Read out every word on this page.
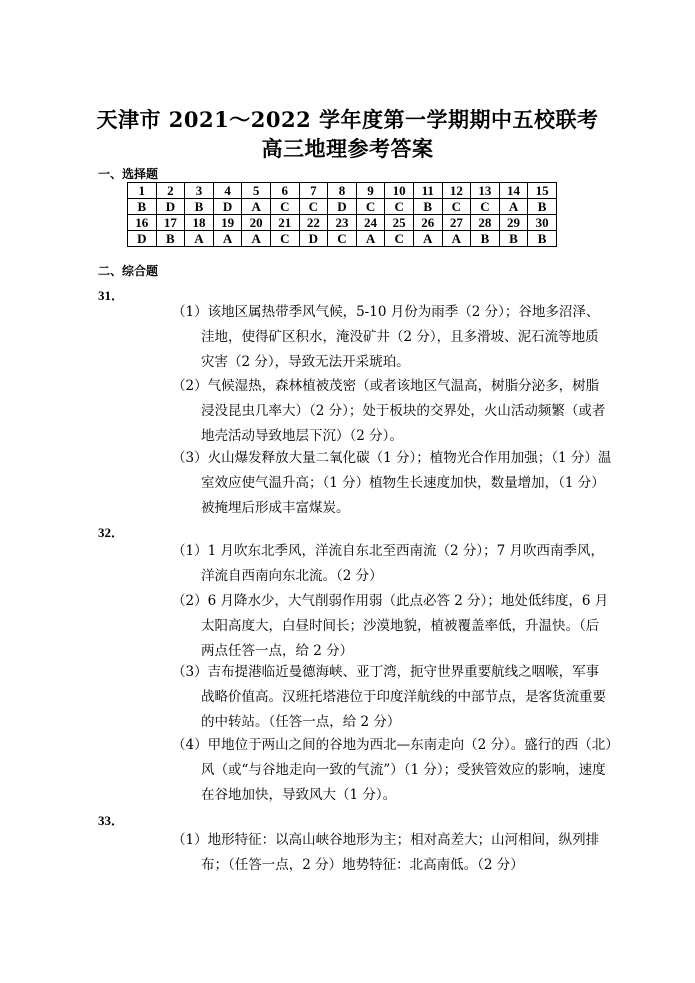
天津市 2021～2022 学年度第一学期期中五校联考
高三地理参考答案
一、选择题
1	2	3	4	5	6	7	8	9	10	11	12	13	14	15
B	D	B	D	A	C	C	D	C	C	B	C	C	A	B
16	17	18	19	20	21	22	23	24	25	26	27	28	29	30
D	B	A	A	A	C	D	C	A	C	A	A	B	B	B
二、综合题
31．
（1）该地区属热带季风气候，5-10 月份为雨季（2 分）；谷地多沼泽、洼地，使得矿区积水，淹没矿井（2 分），且多滑坡、泥石流等地质灾害（2 分），导致无法开采琥珀。
（2）气候湿热，森林植被茂密（或者该地区气温高，树脂分泌多，树脂浸没昆虫几率大）（2 分）；处于板块的交界处，火山活动频繁（或者地壳活动导致地层下沉）（2 分）。
（3）火山爆发释放大量二氧化碳（1 分）；植物光合作用加强；（1 分）温室效应使气温升高；（1 分）植物生长速度加快，数量增加，（1 分）被掩埋后形成丰富煤炭。
32．
（1）1 月吹东北季风，洋流自东北至西南流（2 分）；7 月吹西南季风，洋流自西南向东北流。（2 分）
（2）6 月降水少，大气削弱作用弱（此点必答 2 分）；地处低纬度，6 月太阳高度大，白昼时间长；沙漠地貌，植被覆盖率低，升温快。（后两点任答一点，给 2 分）
（3）吉布提港临近曼德海峡、亚丁湾，扼守世界重要航线之咽喉，军事战略价值高。汉班托塔港位于印度洋航线的中部节点，是客货流重要的中转站。（任答一点，给 2 分）
（4）甲地位于两山之间的谷地为西北—东南走向（2 分）。盛行的西（北）风（或“与谷地走向一致的气流”）（1 分）；受狭管效应的影响，速度在谷地加快，导致风大（1 分）。
33．
（1）地形特征：以高山峡谷地形为主；相对高差大；山河相间，纵列排布；（任答一点，2 分）地势特征：北高南低。（2 分）
